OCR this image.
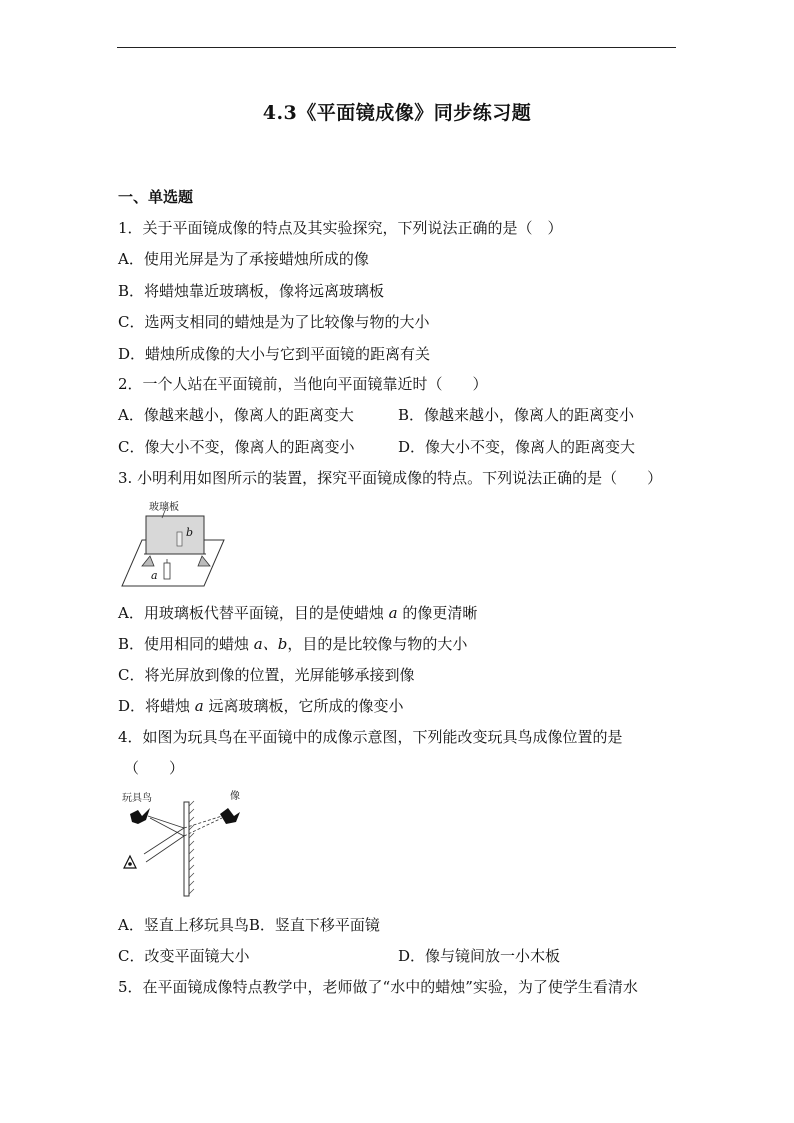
4.3《平面镜成像》同步练习题
一、单选题
1．关于平面镜成像的特点及其实验探究，下列说法正确的是（　）
A．使用光屏是为了承接蜡烛所成的像
B．将蜡烛靠近玻璃板，像将远离玻璃板
C．选两支相同的蜡烛是为了比较像与物的大小
D．蜡烛所成像的大小与它到平面镜的距离有关
2．一个人站在平面镜前，当他向平面镜靠近时（　　）
A．像越来越小，像离人的距离变大	B．像越来越小，像离人的距离变小
C．像大小不变，像离人的距离变小	D．像大小不变，像离人的距离变大
3. 小明利用如图所示的装置，探究平面镜成像的特点。下列说法正确的是（　　）
玻璃板
b
a
A．用玻璃板代替平面镜，目的是使蜡烛 a 的像更清晰
B．使用相同的蜡烛 a、b，目的是比较像与物的大小
C．将光屏放到像的位置，光屏能够承接到像
D．将蜡烛 a 远离玻璃板，它所成的像变小
4．如图为玩具鸟在平面镜中的成像示意图，下列能改变玩具鸟成像位置的是
（　　）
玩具鸟	像
A．竖直上移玩具鸟B．竖直下移平面镜
C．改变平面镜大小	D．像与镜间放一小木板
5．在平面镜成像特点教学中，老师做了“水中的蜡烛”实验，为了使学生看清水
